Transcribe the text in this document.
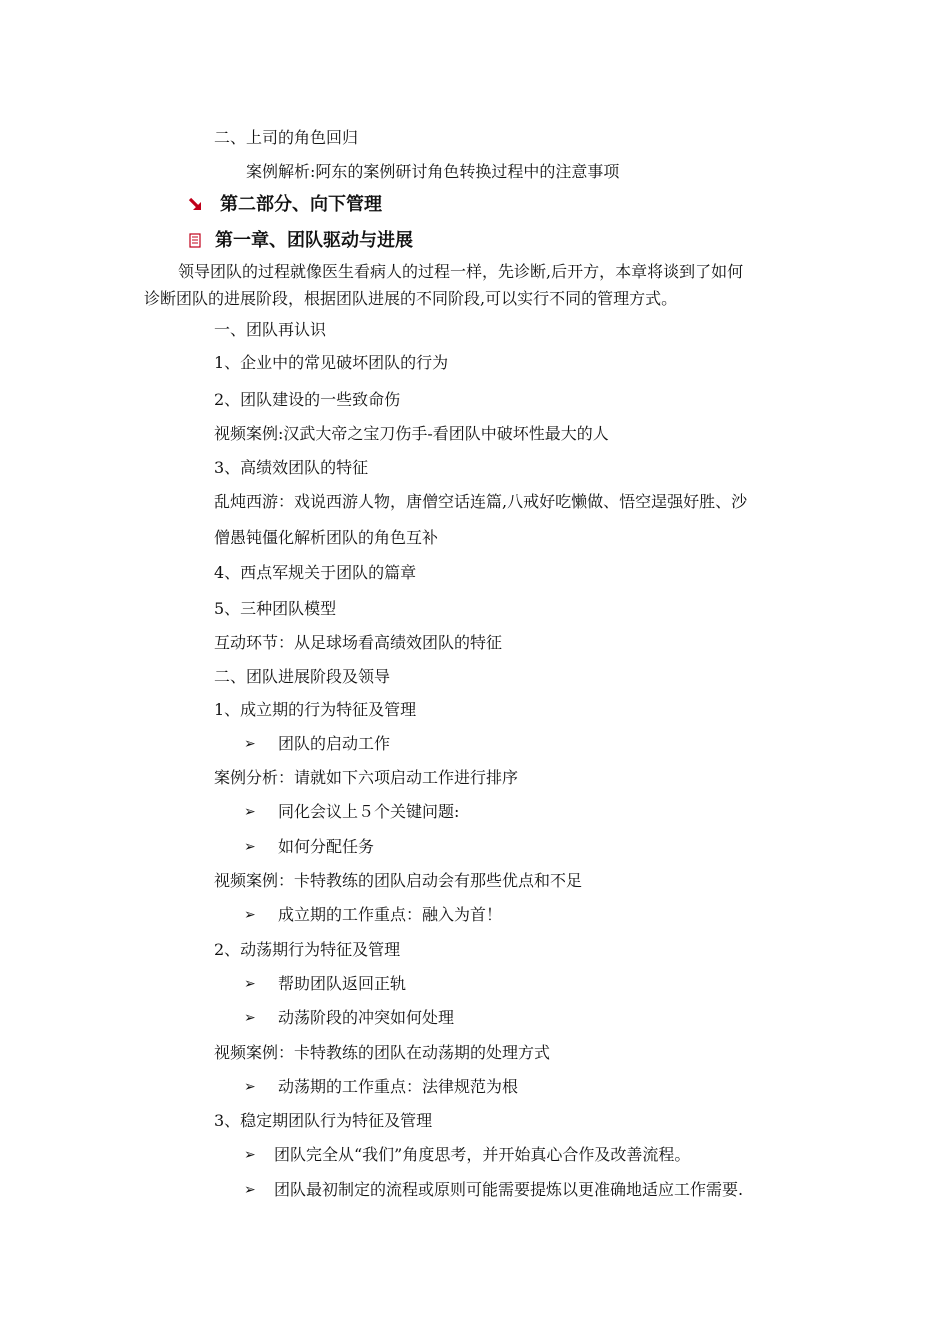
二、上司的角色回归
案例解析:阿东的案例研讨角色转换过程中的注意事项
第二部分、向下管理
第一章、团队驱动与进展
领导团队的过程就像医生看病人的过程一样，先诊断,后开方，本章将谈到了如何
诊断团队的进展阶段，根据团队进展的不同阶段,可以实行不同的管理方式。
一、团队再认识
1、企业中的常见破坏团队的行为
2、团队建设的一些致命伤
视频案例:汉武大帝之宝刀伤手-看团队中破坏性最大的人
3、高绩效团队的特征
乱炖西游：戏说西游人物，唐僧空话连篇,八戒好吃懒做、悟空逞强好胜、沙
僧愚钝僵化解析团队的角色互补
4、西点军规关于团队的篇章
5、三种团队模型
互动环节：从足球场看高绩效团队的特征
二、团队进展阶段及领导
1、成立期的行为特征及管理
➢ 团队的启动工作
案例分析：请就如下六项启动工作进行排序
➢ 同化会议上５个关键问题:
➢ 如何分配任务
视频案例：卡特教练的团队启动会有那些优点和不足
➢ 成立期的工作重点：融入为首！
2、动荡期行为特征及管理
➢ 帮助团队返回正轨
➢ 动荡阶段的冲突如何处理
视频案例：卡特教练的团队在动荡期的处理方式
➢ 动荡期的工作重点：法律规范为根
3、稳定期团队行为特征及管理
➢ 团队完全从“我们”角度思考，并开始真心合作及改善流程。
➢ 团队最初制定的流程或原则可能需要提炼以更准确地适应工作需要.
